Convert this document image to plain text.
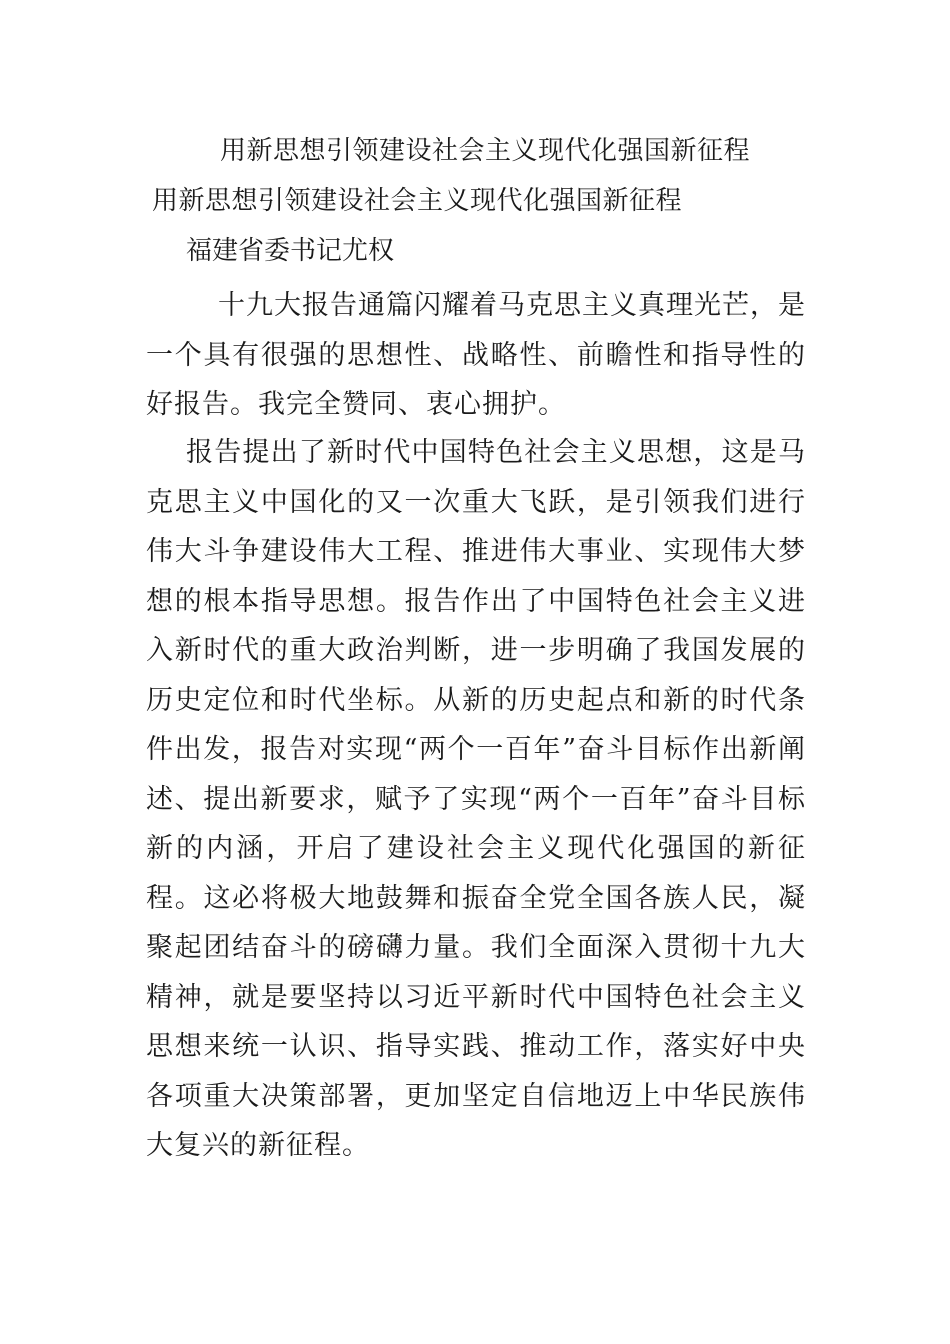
用新思想引领建设社会主义现代化强国新征程
用新思想引领建设社会主义现代化强国新征程
福建省委书记尤权

十九大报告通篇闪耀着马克思主义真理光芒，是一个具有很强的思想性、战略性、前瞻性和指导性的好报告。我完全赞同、衷心拥护。

报告提出了新时代中国特色社会主义思想，这是马克思主义中国化的又一次重大飞跃，是引领我们进行伟大斗争建设伟大工程、推进伟大事业、实现伟大梦想的根本指导思想。报告作出了中国特色社会主义进入新时代的重大政治判断，进一步明确了我国发展的历史定位和时代坐标。从新的历史起点和新的时代条件出发，报告对实现“两个一百年”奋斗目标作出新阐述、提出新要求，赋予了实现“两个一百年”奋斗目标新的内涵，开启了建设社会主义现代化强国的新征程。这必将极大地鼓舞和振奋全党全国各族人民，凝聚起团结奋斗的磅礴力量。我们全面深入贯彻十九大精神，就是要坚持以习近平新时代中国特色社会主义思想来统一认识、指导实践、推动工作，落实好中央各项重大决策部署，更加坚定自信地迈上中华民族伟大复兴的新征程。
